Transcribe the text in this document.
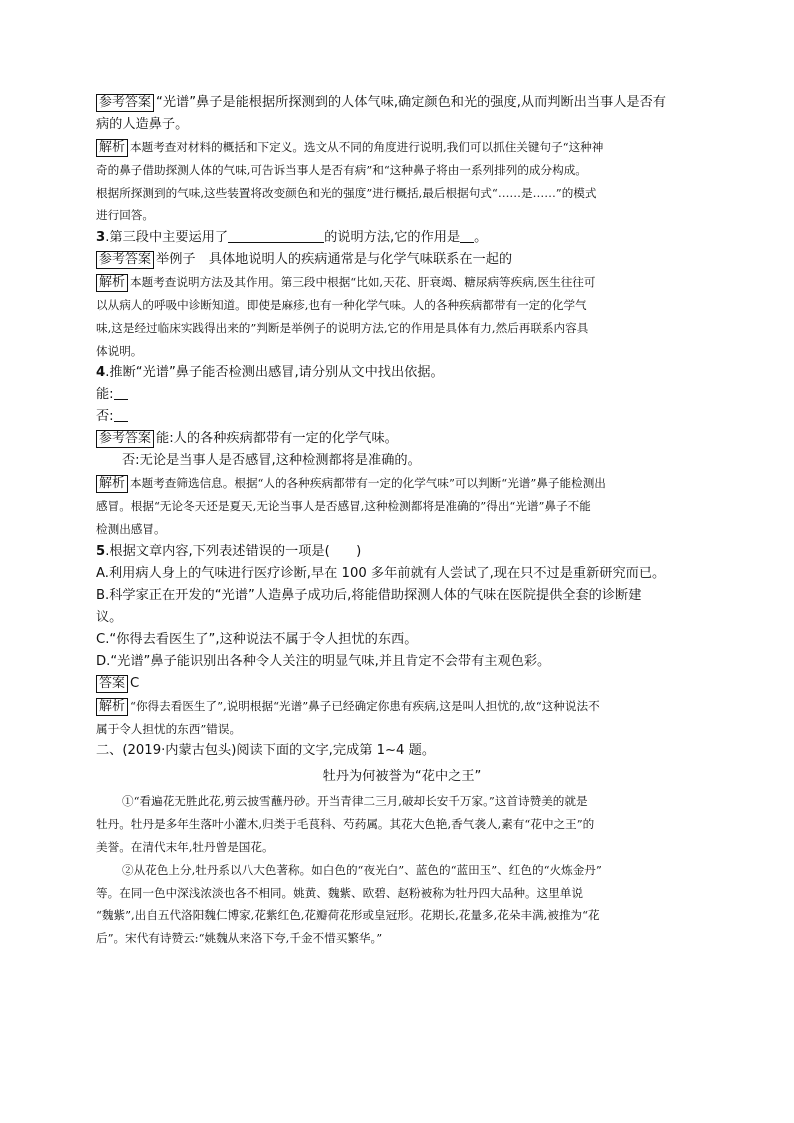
参考答案 “光谱”鼻子是能根据所探测到的人体气味,确定颜色和光的强度,从而判断出当事人是否有

病的人造鼻子。

解析 本题考查对材料的概括和下定义。选文从不同的角度进行说明,我们可以抓住关键句子“这种神

奇的鼻子借助探测人体的气味,可告诉当事人是否有病”和“这种鼻子将由一系列排列的成分构成。

根据所探测到的气味,这些装置将改变颜色和光的强度”进行概括,最后根据句式“……是……”的模式

进行回答。

3.第三段中主要运用了	的说明方法,它的作用是 。

参考答案 举例子　具体地说明人的疾病通常是与化学气味联系在一起的

解析 本题考查说明方法及其作用。第三段中根据“比如,天花、肝衰竭、糖尿病等疾病,医生往往可

以从病人的呼吸中诊断知道。即使是麻疹,也有一种化学气味。人的各种疾病都带有一定的化学气

味,这是经过临床实践得出来的”判断是举例子的说明方法,它的作用是具体有力,然后再联系内容具

体说明。

4.推断“光谱”鼻子能否检测出感冒,请分别从文中找出依据。

能:

否:

参考答案 能:人的各种疾病都带有一定的化学气味。

否:无论是当事人是否感冒,这种检测都将是准确的。

解析 本题考查筛选信息。根据“人的各种疾病都带有一定的化学气味”可以判断“光谱”鼻子能检测出

感冒。根据“无论冬天还是夏天,无论当事人是否感冒,这种检测都将是准确的”得出“光谱”鼻子不能

检测出感冒。

5.根据文章内容,下列表述错误的一项是(　　)

A.利用病人身上的气味进行医疗诊断,早在 100 多年前就有人尝试了,现在只不过是重新研究而已。

B.科学家正在开发的“光谱”人造鼻子成功后,将能借助探测人体的气味在医院提供全套的诊断建

议。

C.“你得去看医生了”,这种说法不属于令人担忧的东西。

D.“光谱”鼻子能识别出各种令人关注的明显气味,并且肯定不会带有主观色彩。

答案 C

解析 “你得去看医生了”,说明根据“光谱”鼻子已经确定你患有疾病,这是叫人担忧的,故“这种说法不

属于令人担忧的东西”错误。

二、(2019·内蒙古包头)阅读下面的文字,完成第 1~4 题。

牡丹为何被誉为“花中之王”

①“看遍花无胜此花,剪云披雪蘸丹砂。开当青律二三月,破却长安千万家。”这首诗赞美的就是

牡丹。牡丹是多年生落叶小灌木,归类于毛茛科、芍药属。其花大色艳,香气袭人,素有“花中之王”的

美誉。在清代末年,牡丹曾是国花。

②从花色上分,牡丹系以八大色著称。如白色的“夜光白”、蓝色的“蓝田玉”、红色的“火炼金丹”

等。在同一色中深浅浓淡也各不相同。姚黄、魏紫、欧碧、赵粉被称为牡丹四大品种。这里单说

“魏紫”,出自五代洛阳魏仁博家,花紫红色,花瓣荷花形或皇冠形。花期长,花量多,花朵丰满,被推为“花

后”。宋代有诗赞云:“姚魏从来洛下夸,千金不惜买繁华。”
